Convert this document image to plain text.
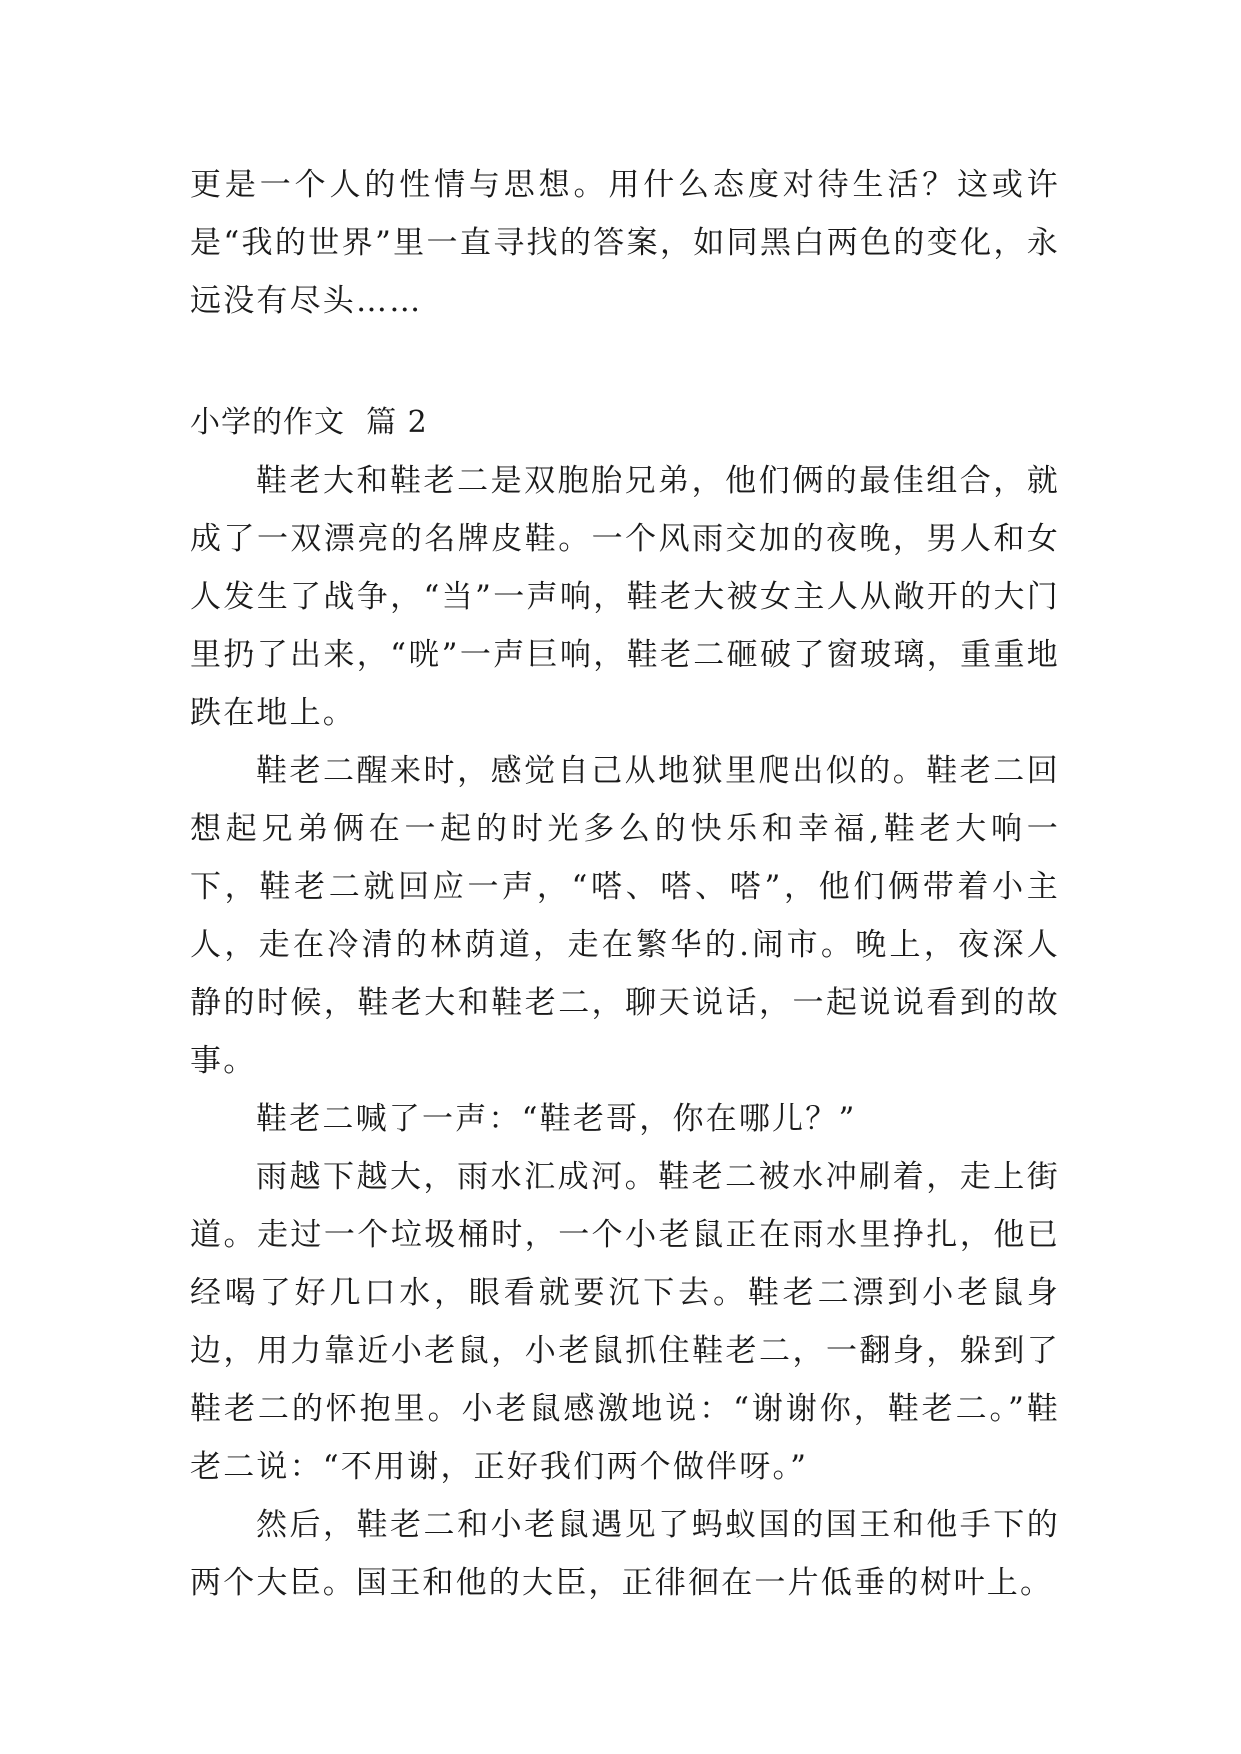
更是一个人的性情与思想。用什么态度对待生活？这或许是“我的世界”里一直寻找的答案，如同黑白两色的变化，永远没有尽头……

小学的作文  篇 2

鞋老大和鞋老二是双胞胎兄弟，他们俩的最佳组合，就成了一双漂亮的名牌皮鞋。一个风雨交加的夜晚，男人和女人发生了战争，“当”一声响，鞋老大被女主人从敞开的大门里扔了出来，“咣”一声巨响，鞋老二砸破了窗玻璃，重重地跌在地上。

鞋老二醒来时，感觉自己从地狱里爬出似的。鞋老二回想起兄弟俩在一起的时光多么的快乐和幸福,鞋老大响一下，鞋老二就回应一声，“嗒、嗒、嗒”，他们俩带着小主人，走在冷清的林荫道，走在繁华的.闹市。晚上，夜深人静的时候，鞋老大和鞋老二，聊天说话，一起说说看到的故事。

鞋老二喊了一声：“鞋老哥，你在哪儿？”

雨越下越大，雨水汇成河。鞋老二被水冲刷着，走上街道。走过一个垃圾桶时，一个小老鼠正在雨水里挣扎，他已经喝了好几口水，眼看就要沉下去。鞋老二漂到小老鼠身边，用力靠近小老鼠，小老鼠抓住鞋老二，一翻身，躲到了鞋老二的怀抱里。小老鼠感激地说：“谢谢你，鞋老二。”鞋老二说：“不用谢，正好我们两个做伴呀。”

然后，鞋老二和小老鼠遇见了蚂蚁国的国王和他手下的两个大臣。国王和他的大臣，正徘徊在一片低垂的树叶上。
